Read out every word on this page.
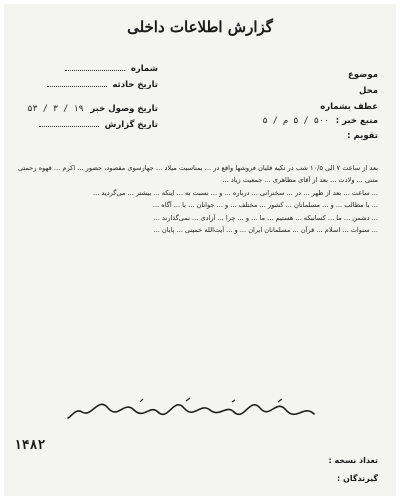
گزارش اطلاعات داخلی
موضوع
محل
عطف بشماره
منبع خبر : ۵۰۰ / ۵ م / ۵
تقویم :
شماره
تاریخ حادثه
تاریخ وصول خبر ۱۹ / ۳ / ۵۳
تاریخ گزارش

بعد از ساعت ۷ الی ۱۰/۵ شب در تکیه قلیان فروشها واقع در ... بمناسبت میلاد ... جهارسوی مقصود، حضور ... اکرم ... قهوه رحمتی متنی ... ولادت ... بعد از آقای مظاهری ... جمعیت زیاد ...

... ساعت ... بعد از ظهر ... در ... سخنرانی ... درباره ... و ... نسبت به ... اینکه ... بیشتر ... می‌گردید ...

... با مطالب ... و ... مسلمانان ... کشور ... مختلف ... و ... جوانان ... با ... آگاه ...

... دشمن ... ما ... کسانیکه ... هستیم ... ما ... و ... چرا ... آزادی ... نمی‌گذارند ...

... سنوات ... اسلام ... قرآن ... مسلمانان ایران ... و ... آیت‌الله خمینی ... پایان ...

۱۴۸۲
تعداد نسخه :
گیرندگان :
